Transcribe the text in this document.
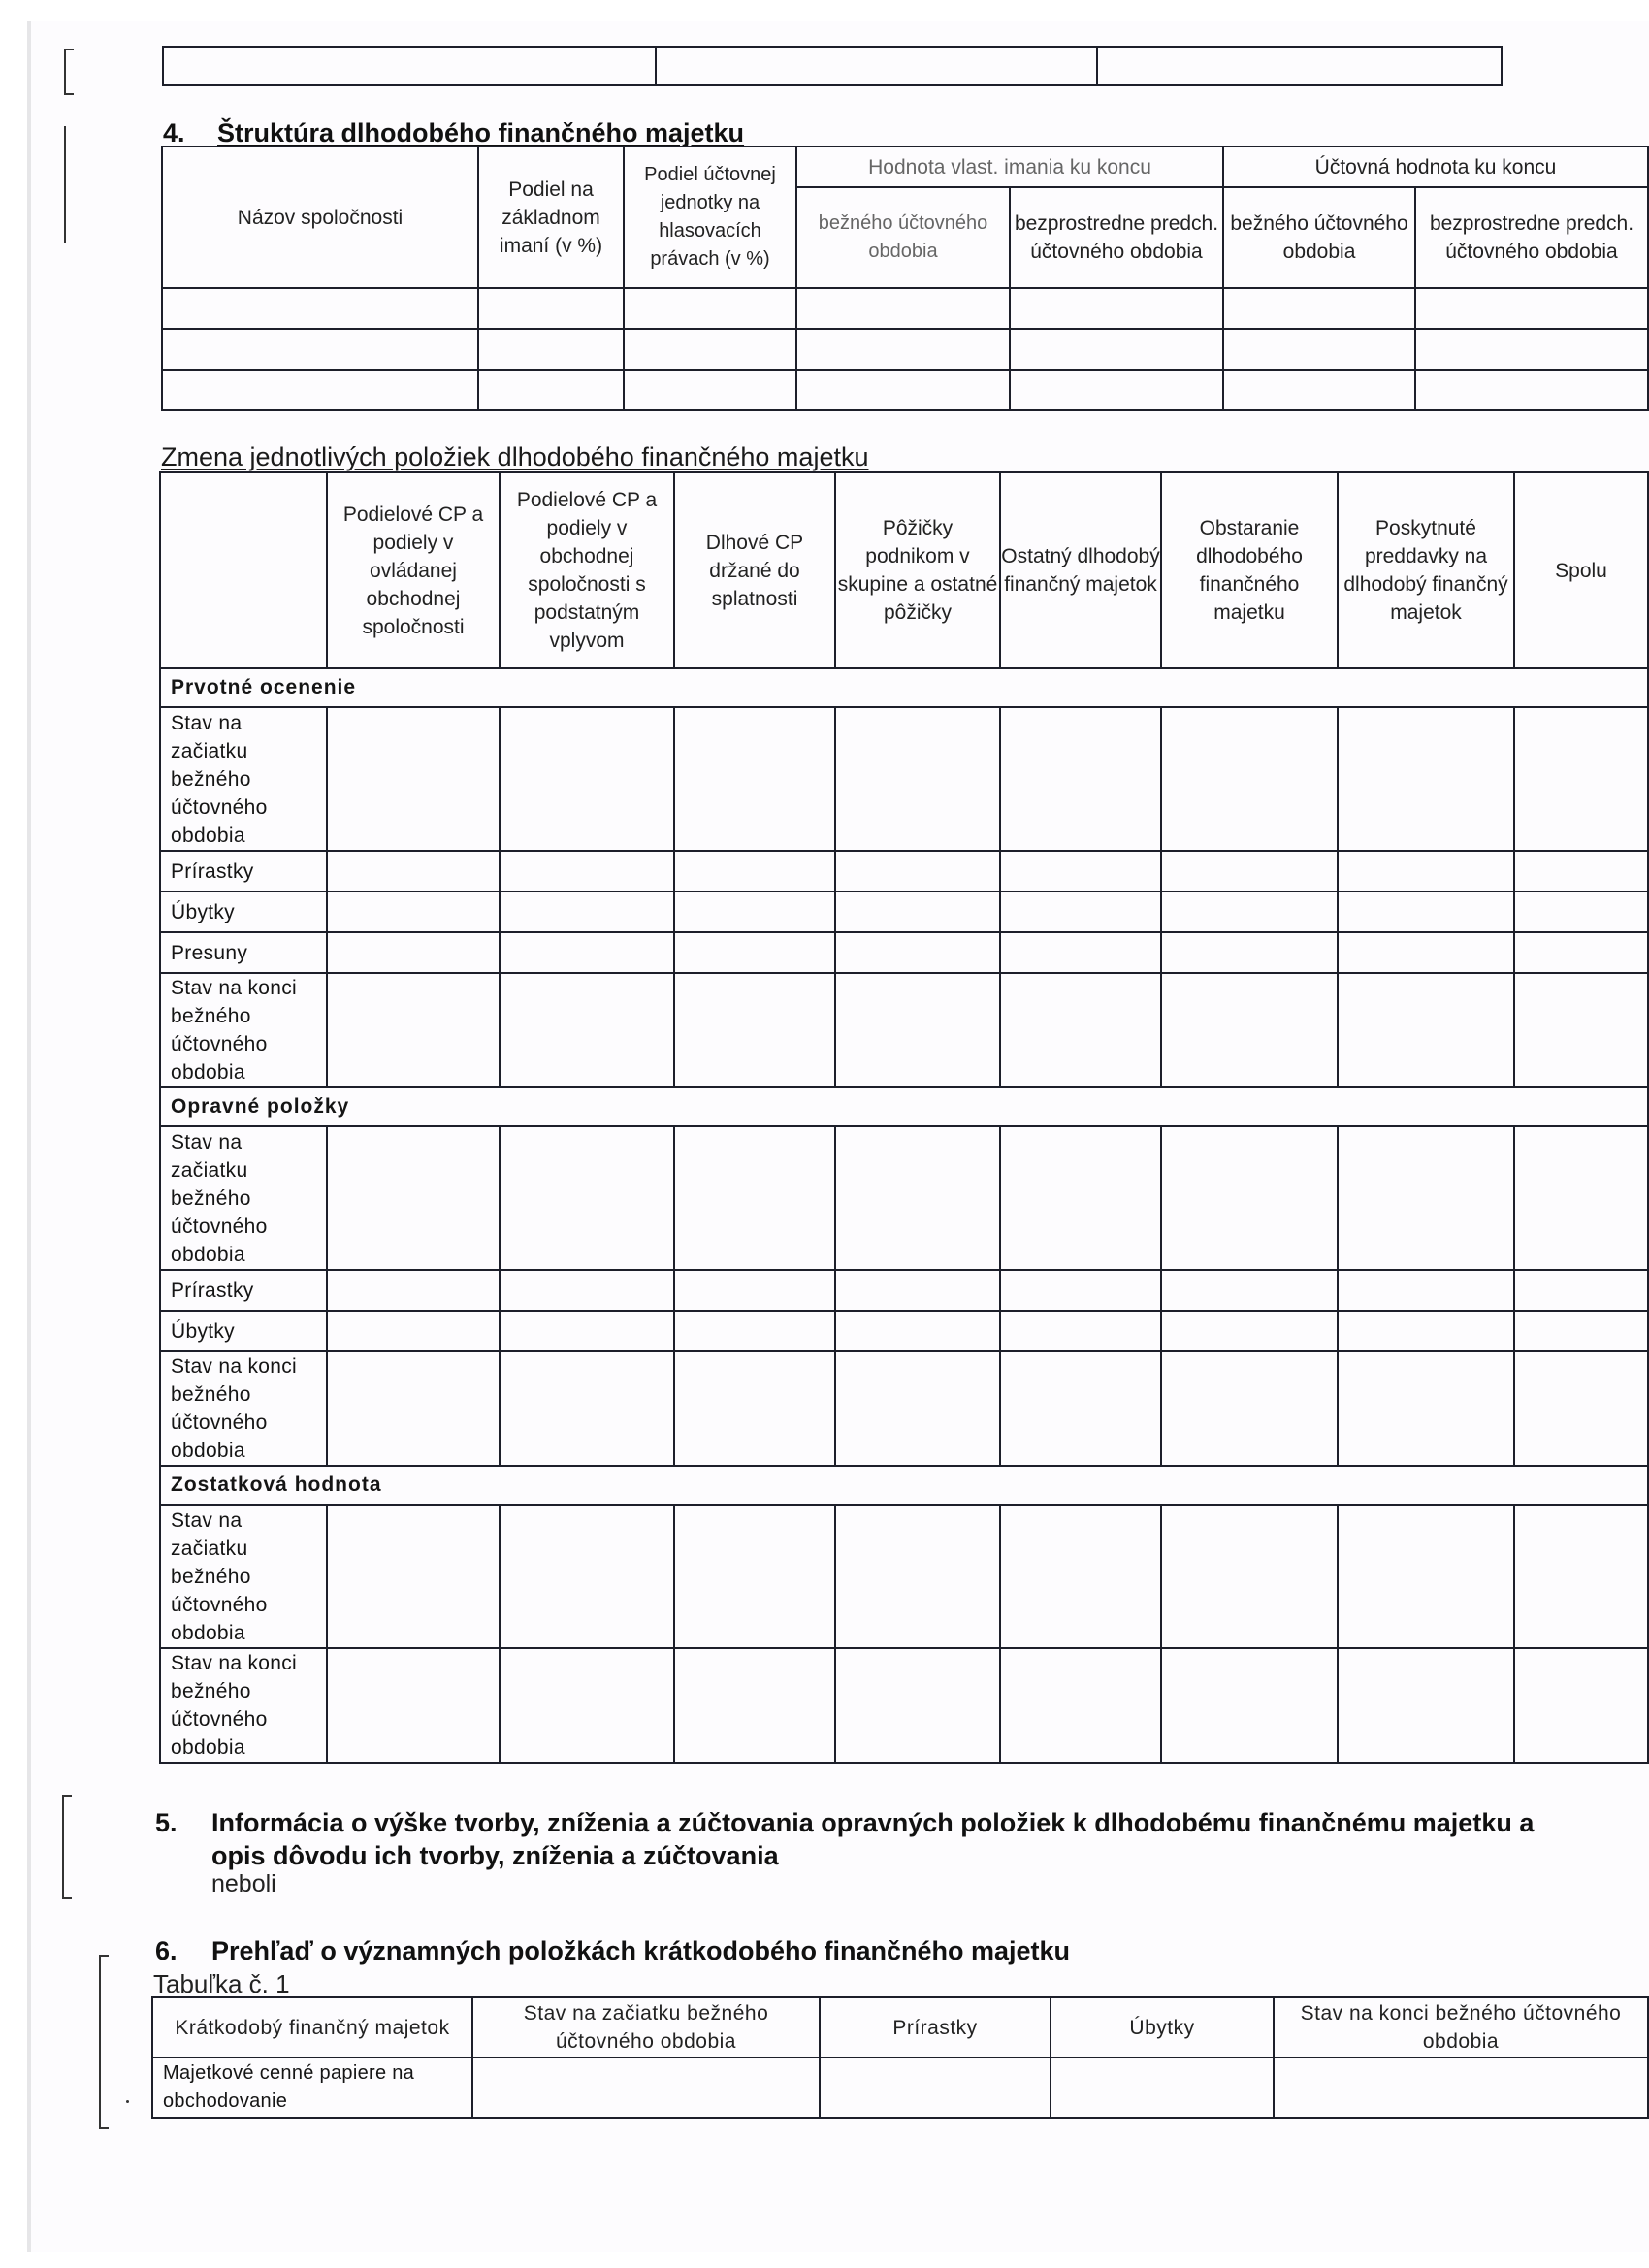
4. Štruktúra dlhodobého finančného majetku
Názov spoločnosti	Podiel na základnom imaní (v %)	Podiel účtovnej jednotky na hlasovacích právach (v %)	Hodnota vlast. imania ku koncu		Účtovná hodnota ku koncu	
			bežného účtovného obdobia	bezprostredne predch. účtovného obdobia	bežného účtovného obdobia	bezprostredne predch. účtovného obdobia

Zmena jednotlivých položiek dlhodobého finančného majetku
	Podielové CP a podiely v ovládanej obchodnej spoločnosti	Podielové CP a podiely v obchodnej spoločnosti s podstatným vplyvom	Dlhové CP držané do splatnosti	Pôžičky podnikom v skupine a ostatné pôžičky	Ostatný dlhodobý finančný majetok	Obstaranie dlhodobého finančného majetku	Poskytnuté preddavky na dlhodobý finančný majetok	Spolu
Prvotné ocenenie								
Stav na začiatku bežného účtovného obdobia								
Prírastky								
Úbytky								
Presuny								
Stav na konci bežného účtovného obdobia								
Opravné položky								
Stav na začiatku bežného účtovného obdobia								
Prírastky								
Úbytky								
Stav na konci bežného účtovného obdobia								
Zostatková hodnota								
Stav na začiatku bežného účtovného obdobia								
Stav na konci bežného účtovného obdobia								
5. Informácia o výške tvorby, zníženia a zúčtovania opravných položiek k dlhodobému finančnému majetku a
opis dôvodu ich tvorby, zníženia a zúčtovania
neboli
6. Prehľaď o významných položkách krátkodobého finančného majetku
Tabuľka č. 1
Krátkodobý finančný majetok	Stav na začiatku bežného účtovného obdobia	Prírastky	Úbytky	Stav na konci bežného účtovného obdobia
Majetkové cenné papiere na obchodovanie				
